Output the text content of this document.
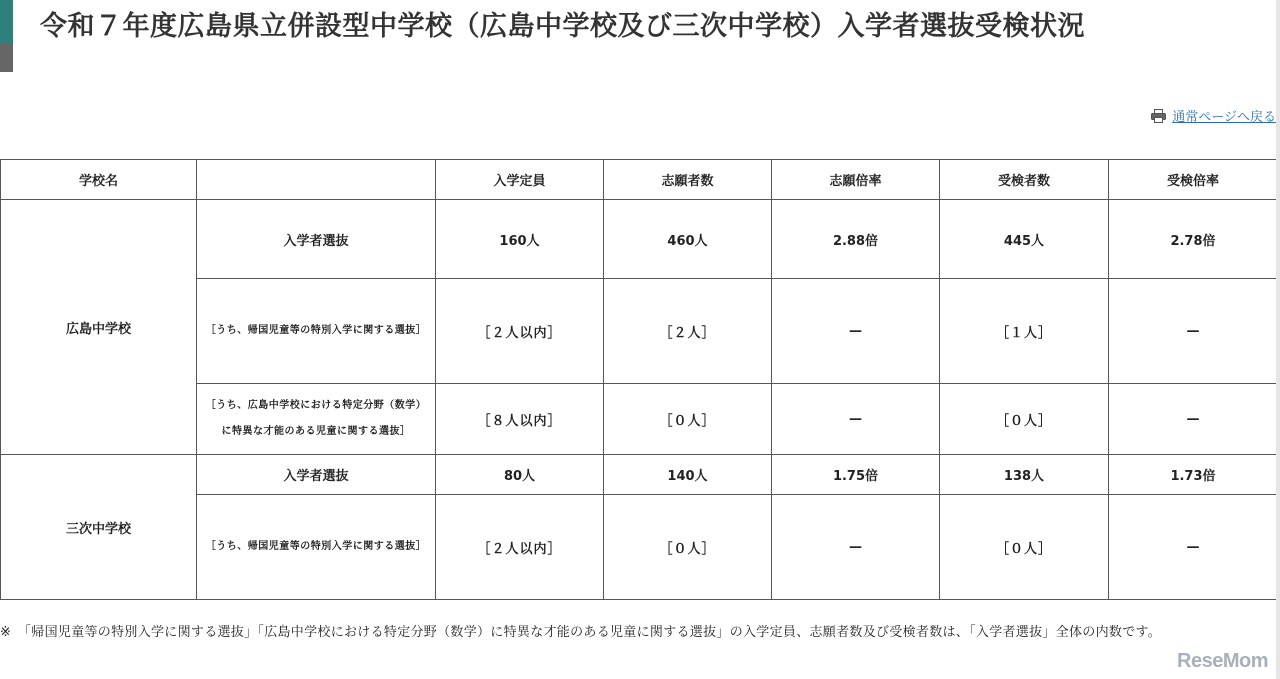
令和７年度広島県立併設型中学校（広島中学校及び三次中学校）入学者選抜受検状況
通常ページへ戻る
学校名		入学定員	志願者数	志願倍率	受検者数	受検倍率
広島中学校	入学者選抜	160人	460人	2.88倍	445人	2.78倍
	［うち、帰国児童等の特別入学に関する選抜］	［２人以内］	［２人］	—	［１人］	—
	［うち、広島中学校における特定分野（数学）に特異な才能のある児童に関する選抜］	［８人以内］	［０人］	—	［０人］	—
三次中学校	入学者選抜	80人	140人	1.75倍	138人	1.73倍
	［うち、帰国児童等の特別入学に関する選抜］	［２人以内］	［０人］	—	［０人］	—

※　「帰国児童等の特別入学に関する選抜」「広島中学校における特定分野（数学）に特異な才能のある児童に関する選抜」の入学定員、志願者数及び受検者数は、「入学者選抜」全体の内数です。

ReseMom
